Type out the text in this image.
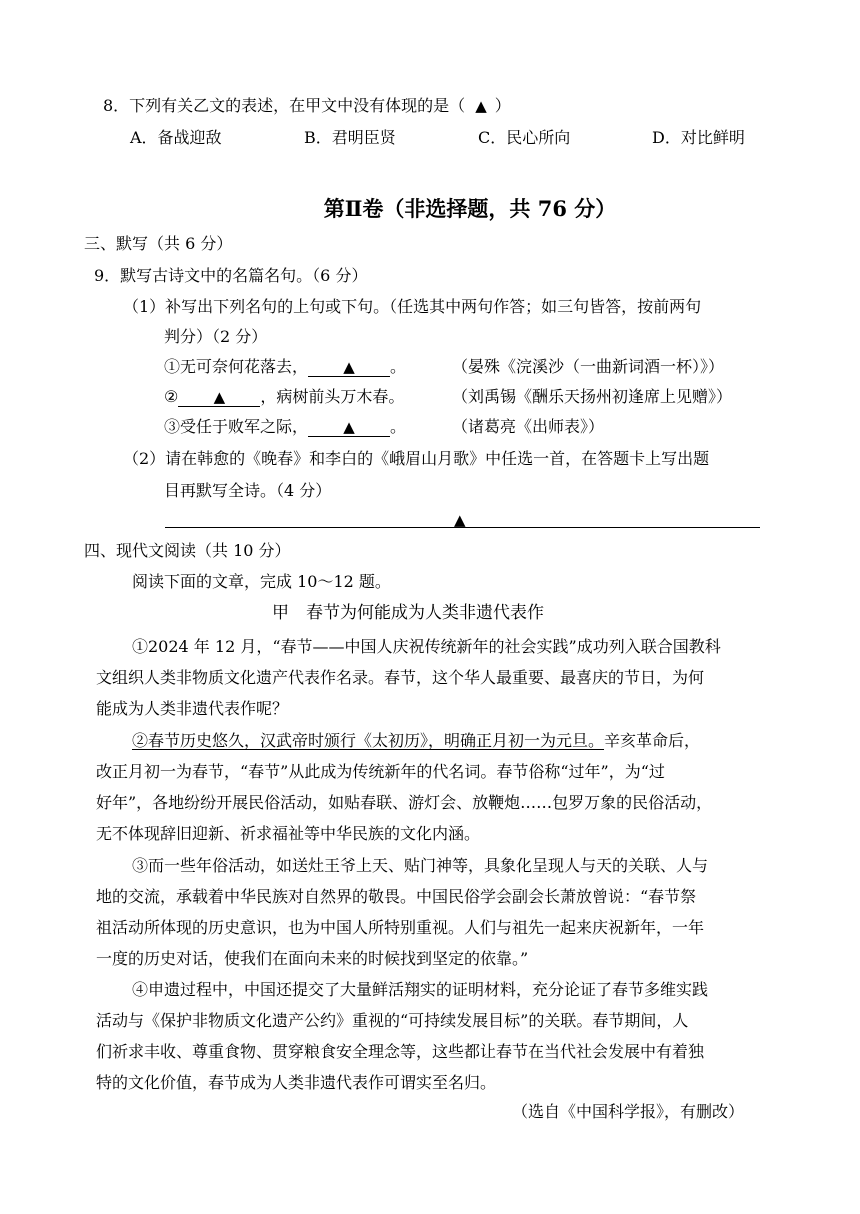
8．下列有关乙文的表述，在甲文中没有体现的是（ ▲ ）
A．备战迎敌	B．君明臣贤	C．民心所向	D．对比鲜明
第Ⅱ卷（非选择题，共 76 分）
三、默写（共 6 分）
9．默写古诗文中的名篇名句。（6 分）
（1）补写出下列名句的上句或下句。（任选其中两句作答；如三句皆答，按前两句
判分）（2 分）
①无可奈何花落去， ▲ 。	（晏殊《浣溪沙（一曲新词酒一杯）》）
② ▲ ，病树前头万木春。	（刘禹锡《酬乐天扬州初逢席上见赠》）
③受任于败军之际， ▲ 。	（诸葛亮《出师表》）
（2）请在韩愈的《晚春》和李白的《峨眉山月歌》中任选一首，在答题卡上写出题
目再默写全诗。（4 分）
▲
四、现代文阅读（共 10 分）
阅读下面的文章，完成 10～12 题。
甲　春节为何能成为人类非遗代表作
①2024 年 12 月，“春节——中国人庆祝传统新年的社会实践”成功列入联合国教科
文组织人类非物质文化遗产代表作名录。春节，这个华人最重要、最喜庆的节日，为何
能成为人类非遗代表作呢？
②春节历史悠久，汉武帝时颁行《太初历》，明确正月初一为元旦。辛亥革命后，
改正月初一为春节，“春节”从此成为传统新年的代名词。春节俗称“过年”，为“过
好年”，各地纷纷开展民俗活动，如贴春联、游灯会、放鞭炮……包罗万象的民俗活动，
无不体现辞旧迎新、祈求福祉等中华民族的文化内涵。
③而一些年俗活动，如送灶王爷上天、贴门神等，具象化呈现人与天的关联、人与
地的交流，承载着中华民族对自然界的敬畏。中国民俗学会副会长萧放曾说：“春节祭
祖活动所体现的历史意识，也为中国人所特别重视。人们与祖先一起来庆祝新年，一年
一度的历史对话，使我们在面向未来的时候找到坚定的依靠。”
④申遗过程中，中国还提交了大量鲜活翔实的证明材料，充分论证了春节多维实践
活动与《保护非物质文化遗产公约》重视的“可持续发展目标”的关联。春节期间，人
们祈求丰收、尊重食物、贯穿粮食安全理念等，这些都让春节在当代社会发展中有着独
特的文化价值，春节成为人类非遗代表作可谓实至名归。
（选自《中国科学报》，有删改）
